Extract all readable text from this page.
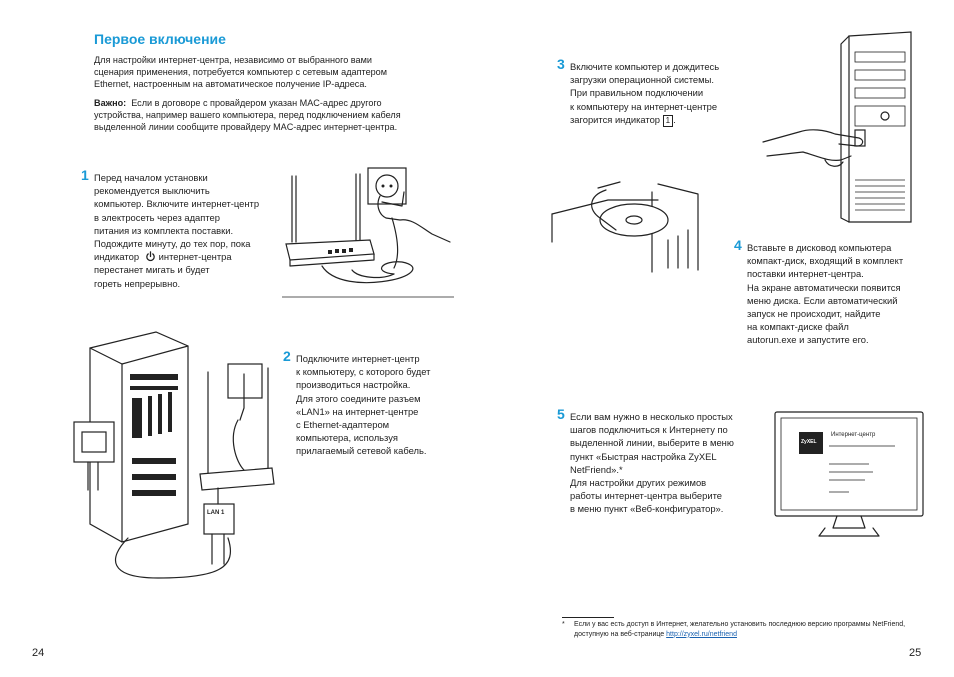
Первое включение
Для настройки интернет-центра, независимо от выбранного вами
сценария применения, потребуется компьютер с сетевым адаптером
Ethernet, настроенным на автоматическое получение IP-адреса.
Важно: Если в договоре с провайдером указан MAC-адрес другого
устройства, например вашего компьютера, перед подключением кабеля
выделенной линии сообщите провайдеру MAC-адрес интернет-центра.
1 Перед началом установки
рекомендуется выключить
компьютер. Включите интернет-центр
в электросеть через адаптер
питания из комплекта поставки.
Подождите минуту, до тех пор, пока
индикатор интернет-центра
перестанет мигать и будет
гореть непрерывно.
LAN 1
2 Подключите интернет-центр
к компьютеру, с которого будет
производиться настройка.
Для этого соедините разъем
«LAN1» на интернет-центре
с Ethernet-адаптером
компьютера, используя
прилагаемый сетевой кабель.
24
3 Включите компьютер и дождитесь
загрузки операционной системы.
При правильном подключении
к компьютеру на интернет-центре
загорится индикатор 1 .
4 Вставьте в дисковод компьютера
компакт-диск, входящий в комплект
поставки интернет-центра.
На экране автоматически появится
меню диска. Если автоматический
запуск не происходит, найдите
на компакт-диске файл
autorun.exe и запустите его.
5 Если вам нужно в несколько простых
шагов подключиться к Интернету по
выделенной линии, выберите в меню
пункт «Быстрая настройка ZyXEL
NetFriend».*
Для настройки других режимов
работы интернет-центра выберите
в меню пункт «Веб-конфигуратор».
ZyXEL
Интернет-центр
* Если у вас есть доступ в Интернет, желательно установить последнюю версию программы NetFriend,
доступную на веб-странице http://zyxel.ru/netfriend
25
